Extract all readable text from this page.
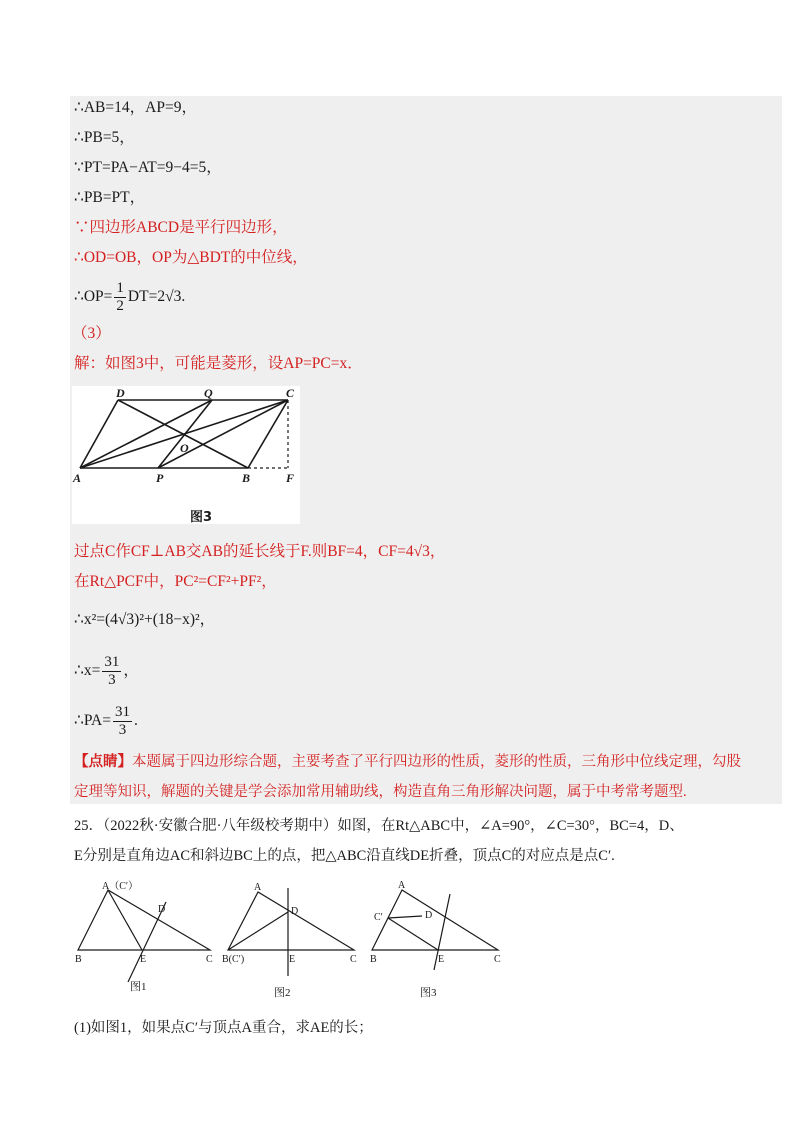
∴AB=14，AP=9，
∴PB=5，
∵PT=PA−AT=9−4=5，
∴PB=PT，
∵四边形ABCD是平行四边形，
∴OD=OB，OP为△BDT的中位线，
∴OP= $\frac{1}{2} DT=2√3$.
（3）
解：如图3中，可能是菱形，设AP=PC=x．
D	Q	C
O
A	P	B	F
图3
过点C作CF⊥AB交AB的延长线于F.则BF=4，CF=4√3，
在Rt△PCF中，PC²=CF²+PF²，
∴x²=(4√3)²+(18−x)²，
∴x= $\frac{31}{3}$ ，
∴PA= $\frac{31}{3}$ .
【点睛】本题属于四边形综合题，主要考查了平行四边形的性质，菱形的性质，三角形中位线定理，勾股
定理等知识，解题的关键是学会添加常用辅助线，构造直角三角形解决问题，属于中考常考题型.
25．（2022秋·安徽合肥·八年级校考期中）如图，在Rt△ABC中，∠A=90°，∠C=30°，BC=4，D、
E分别是直角边AC和斜边BC上的点，把△ABC沿直线DE折叠，顶点C的对应点是点C′.
A（C′）
D
B	E	C
A
D
B(C′)	E	C
A
C′	D
B	E	C
图1	图2	图3
(1)如图1，如果点C′与顶点A重合，求AE的长；
